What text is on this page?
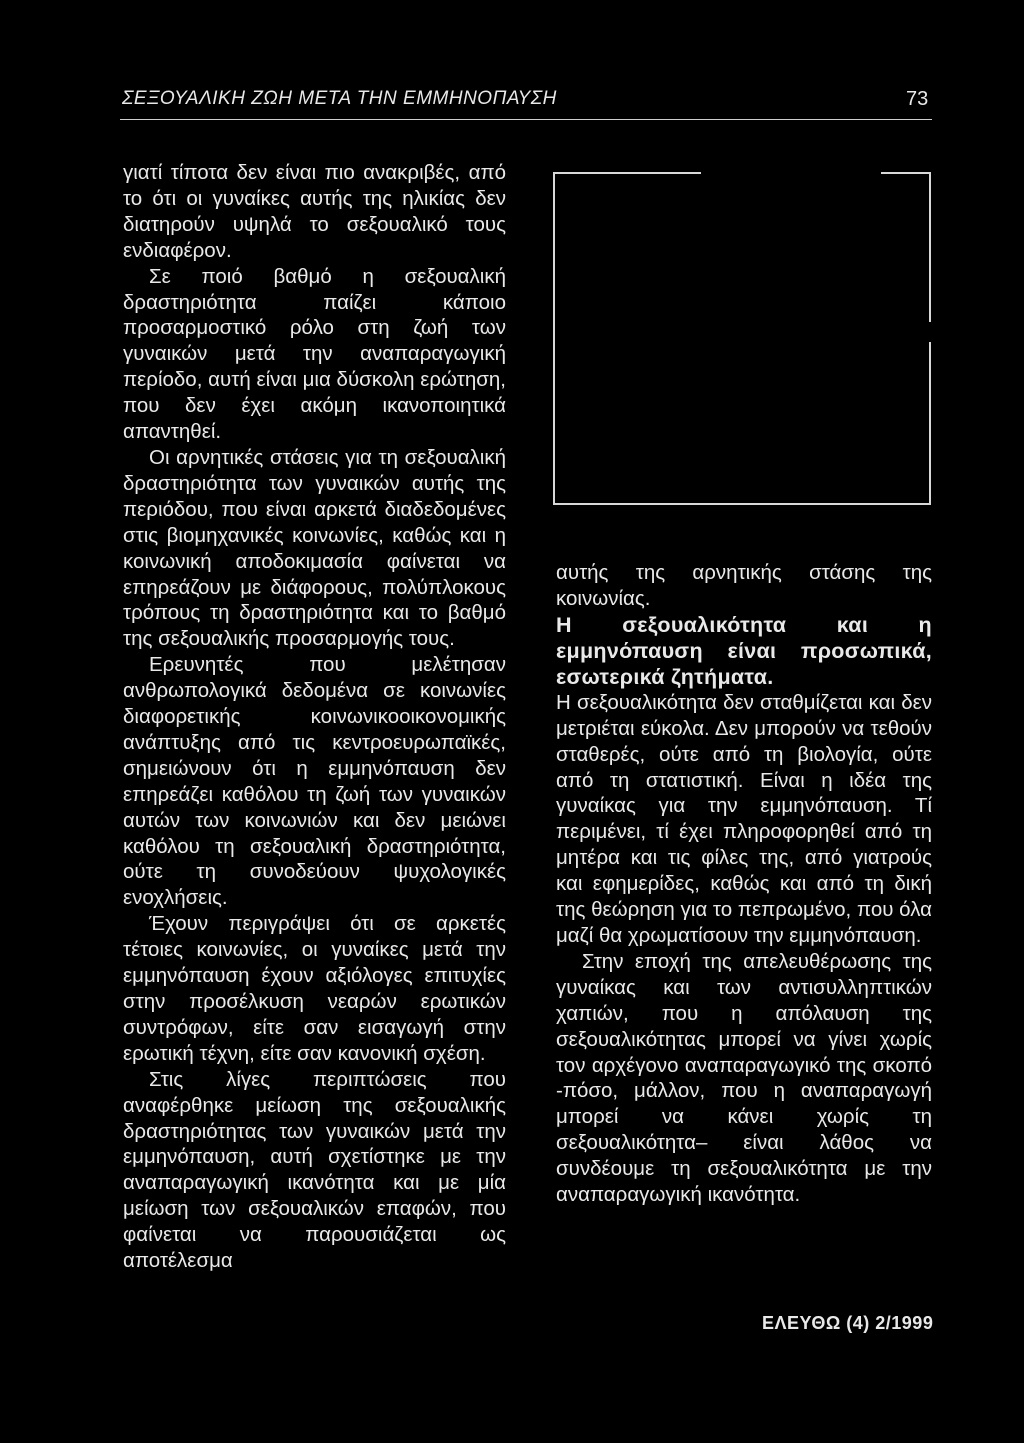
ΣΕΞΟΥΑΛΙΚΗ ΖΩΗ ΜΕΤΑ ΤΗΝ ΕΜΜΗΝΟΠΑΥΣΗ	73

γιατί τίποτα δεν είναι πιο ανακριβές, από το ότι οι γυναίκες αυτής της ηλικίας δεν διατηρούν υψηλά το σεξουαλικό τους ενδιαφέρον.

Σε ποιό βαθμό η σεξουαλική δραστηριότητα παίζει κάποιο προσαρμοστικό ρόλο στη ζωή των γυναικών μετά την αναπαραγωγική περίοδο, αυτή είναι μια δύσκολη ερώτηση, που δεν έχει ακόμη ικανοποιητικά απαντηθεί.

Οι αρνητικές στάσεις για τη σεξουαλική δραστηριότητα των γυναικών αυτής της περιόδου, που είναι αρκετά διαδεδομένες στις βιομηχανικές κοινωνίες, καθώς και η κοινωνική αποδοκιμασία φαίνεται να επηρεάζουν με διάφορους, πολύπλοκους τρόπους τη δραστηριότητα και το βαθμό της σεξουαλικής προσαρμογής τους.

Ερευνητές που μελέτησαν ανθρωπολογικά δεδομένα σε κοινωνίες διαφορετικής κοινωνικοοικονομικής ανάπτυξης από τις κεντροευρωπαϊκές, σημειώνουν ότι η εμμηνόπαυση δεν επηρεάζει καθόλου τη ζωή των γυναικών αυτών των κοινωνιών και δεν μειώνει καθόλου τη σεξουαλική δραστηριότητα, ούτε τη συνοδεύουν ψυχολογικές ενοχλήσεις.

Έχουν περιγράψει ότι σε αρκετές τέτοιες κοινωνίες, οι γυναίκες μετά την εμμηνόπαυση έχουν αξιόλογες επιτυχίες στην προσέλκυση νεαρών ερωτικών συντρόφων, είτε σαν εισαγωγή στην ερωτική τέχνη, είτε σαν κανονική σχέση.

Στις λίγες περιπτώσεις που αναφέρθηκε μείωση της σεξουαλικής δραστηριότητας των γυναικών μετά την εμμηνόπαυση, αυτή σχετίστηκε με την αναπαραγωγική ικανότητα και με μία μείωση των σεξουαλικών επαφών, που φαίνεται να παρουσιάζεται ως αποτέλεσμα

αυτής της αρνητικής στάσης της κοινωνίας.

Η σεξουαλικότητα και η εμμηνόπαυση είναι προσωπικά, εσωτερικά ζητήματα.

Η σεξουαλικότητα δεν σταθμίζεται και δεν μετριέται εύκολα. Δεν μπορούν να τεθούν σταθερές, ούτε από τη βιολογία, ούτε από τη στατιστική. Είναι η ιδέα της γυναίκας για την εμμηνόπαυση. Τί περιμένει, τί έχει πληροφορηθεί από τη μητέρα και τις φίλες της, από γιατρούς και εφημερίδες, καθώς και από τη δική της θεώρηση για το πεπρωμένο, που όλα μαζί θα χρωματίσουν την εμμηνόπαυση.

Στην εποχή της απελευθέρωσης της γυναίκας και των αντισυλληπτικών χαπιών, που η απόλαυση της σεξουαλικότητας μπορεί να γίνει χωρίς τον αρχέγονο αναπαραγωγικό της σκοπό -πόσο, μάλλον, που η αναπαραγωγή μπορεί να κάνει χωρίς τη σεξουαλικότητα– είναι λάθος να συνδέουμε τη σεξουαλικότητα με την αναπαραγωγική ικανότητα.

ΕΛΕΥΘΩ (4) 2/1999
